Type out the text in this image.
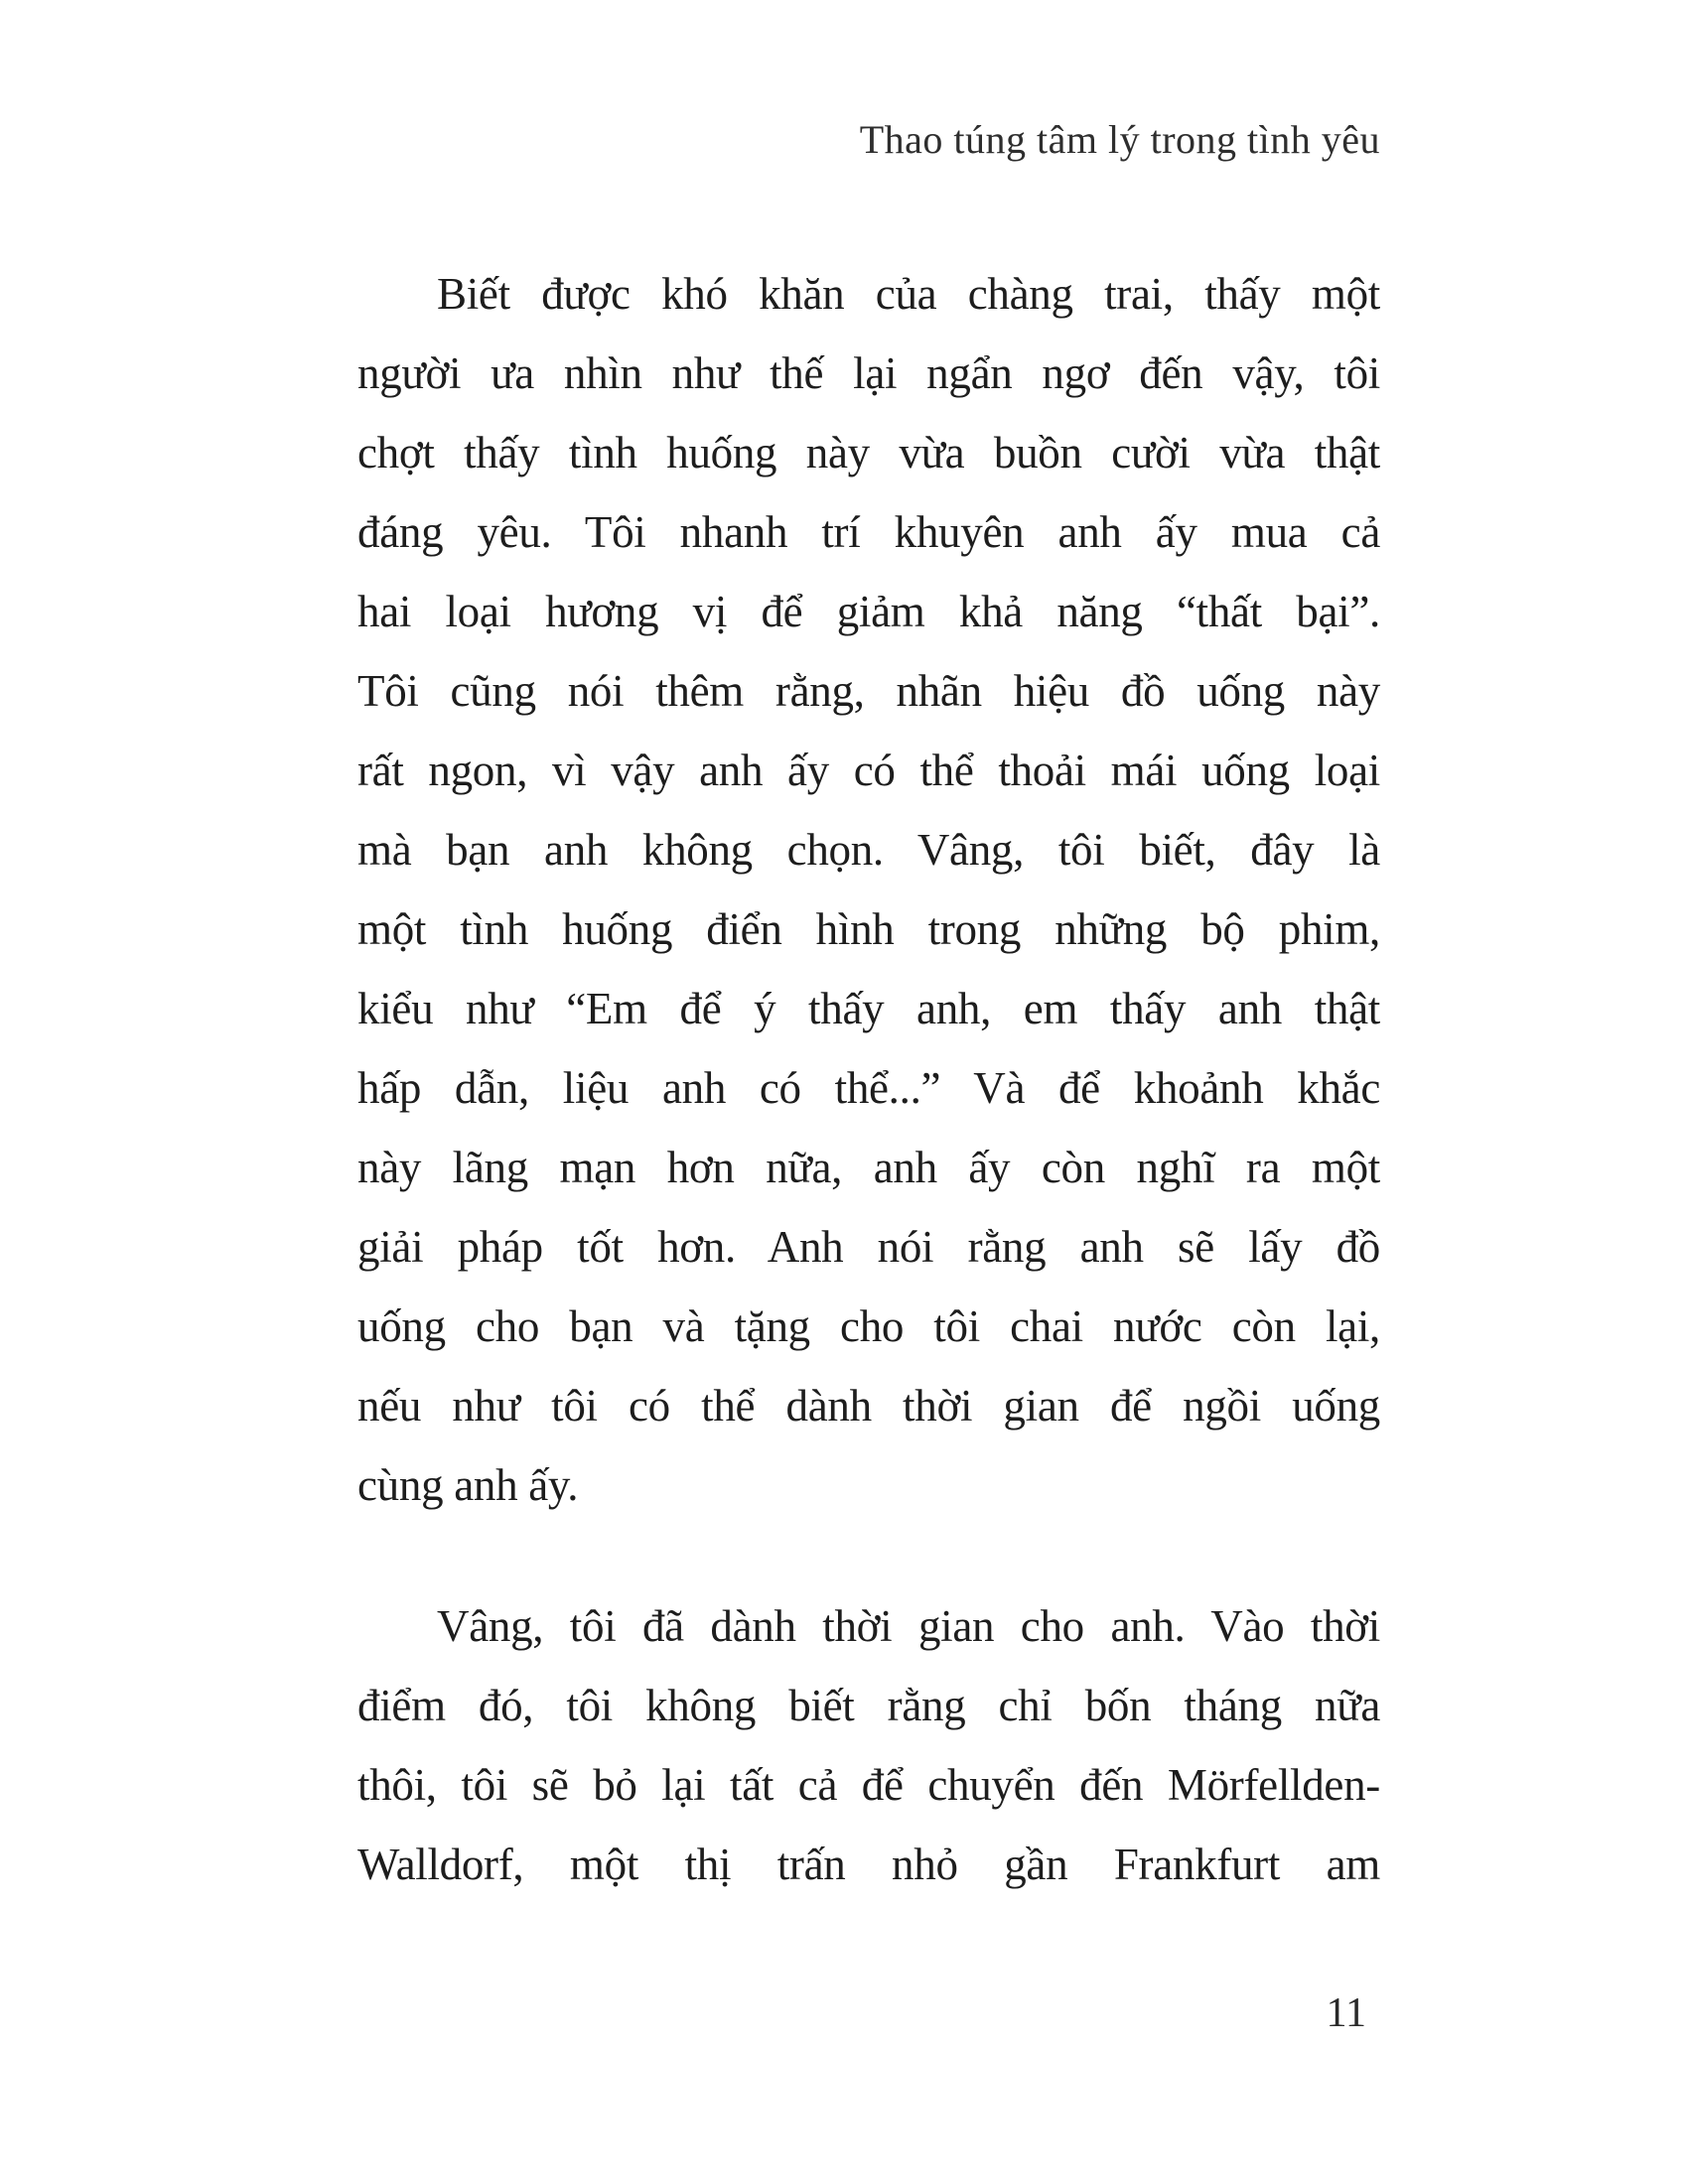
Thao túng tâm lý trong tình yêu
Biết được khó khăn của chàng trai, thấy một
người ưa nhìn như thế lại ngẩn ngơ đến vậy, tôi
chợt thấy tình huống này vừa buồn cười vừa thật
đáng yêu. Tôi nhanh trí khuyên anh ấy mua cả
hai loại hương vị để giảm khả năng “thất bại”.
Tôi cũng nói thêm rằng, nhãn hiệu đồ uống này
rất ngon, vì vậy anh ấy có thể thoải mái uống loại
mà bạn anh không chọn. Vâng, tôi biết, đây là
một tình huống điển hình trong những bộ phim,
kiểu như “Em để ý thấy anh, em thấy anh thật
hấp dẫn, liệu anh có thể...” Và để khoảnh khắc
này lãng mạn hơn nữa, anh ấy còn nghĩ ra một
giải pháp tốt hơn. Anh nói rằng anh sẽ lấy đồ
uống cho bạn và tặng cho tôi chai nước còn lại,
nếu như tôi có thể dành thời gian để ngồi uống
cùng anh ấy.
Vâng, tôi đã dành thời gian cho anh. Vào thời
điểm đó, tôi không biết rằng chỉ bốn tháng nữa
thôi, tôi sẽ bỏ lại tất cả để chuyển đến Mörfellden-
Walldorf, một thị trấn nhỏ gần Frankfurt am
11
